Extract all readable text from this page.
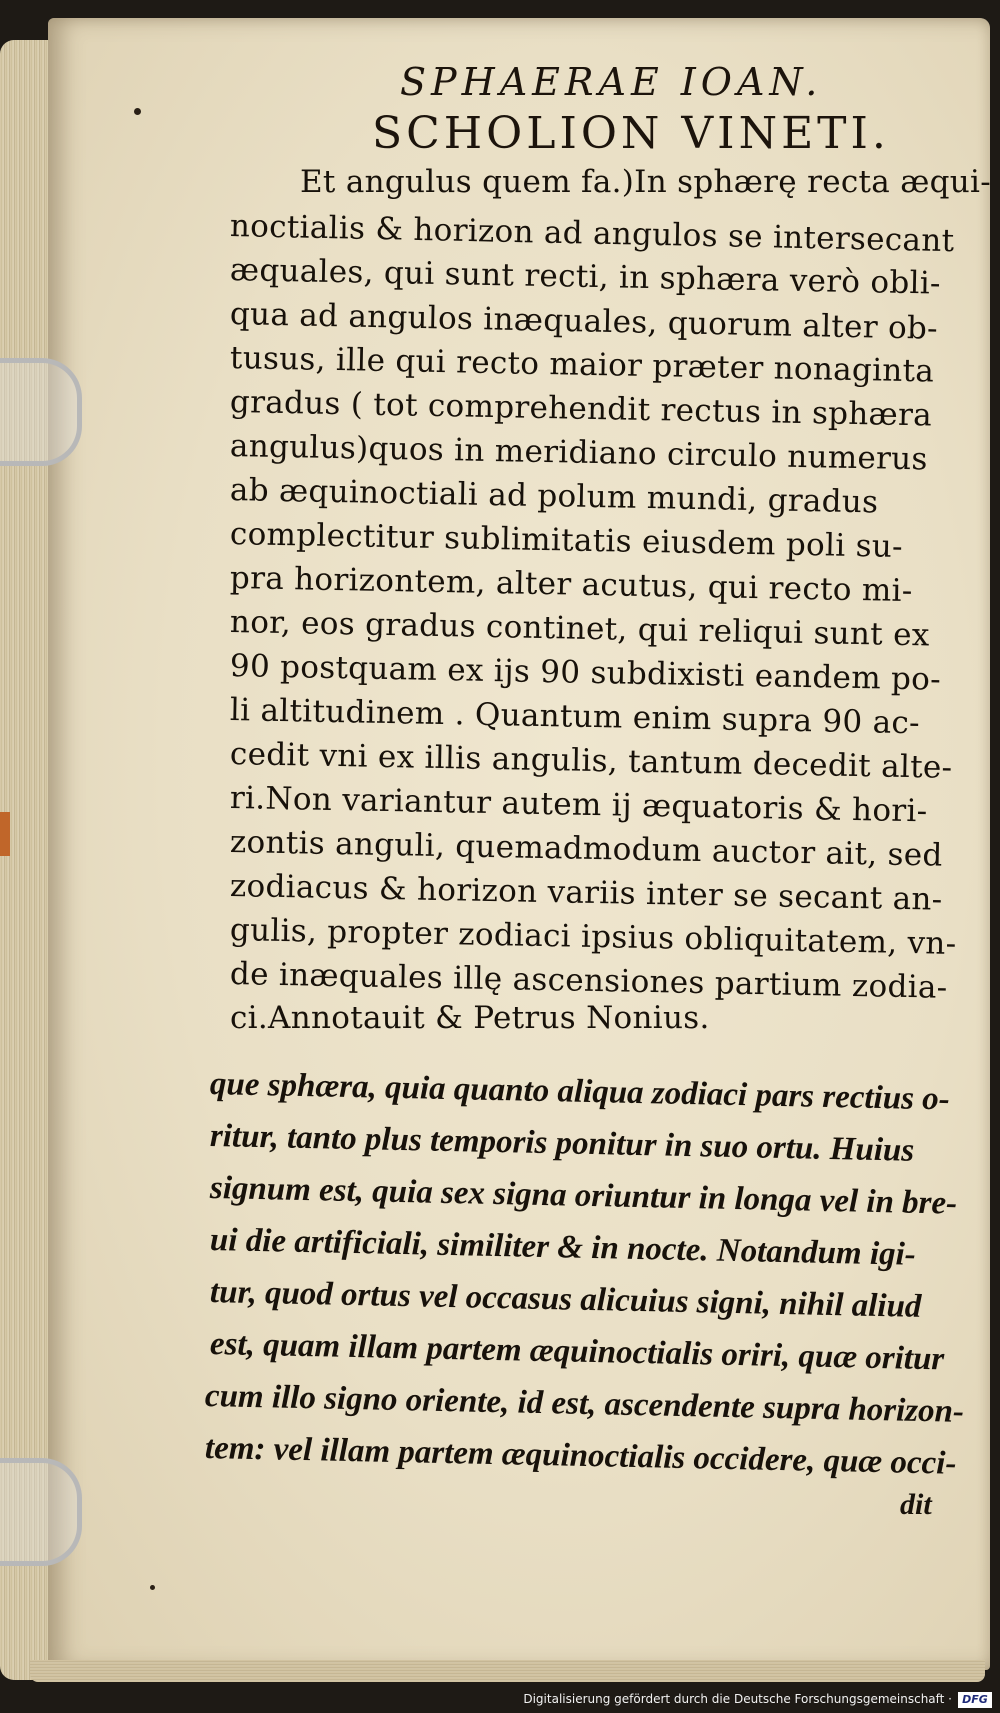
SPHAERAE IOAN.
SCHOLION VINETI.
Et angulus quem fa.)In sphærę recta æqui-
noctialis & horizon ad angulos se intersecant
æquales, qui sunt recti, in sphæra verò obli-
qua ad angulos inæquales, quorum alter ob-
tusus, ille qui recto maior præter nonaginta
gradus ( tot comprehendit rectus in sphæra
angulus)quos in meridiano circulo numerus
ab æquinoctiali ad polum mundi, gradus
complectitur sublimitatis eiusdem poli su-
pra horizontem, alter acutus, qui recto mi-
nor, eos gradus continet, qui reliqui sunt ex
90 postquam ex ijs 90 subdixisti eandem po-
li altitudinem . Quantum enim supra 90 ac-
cedit vni ex illis angulis, tantum decedit alte-
ri.Non variantur autem ij æquatoris & hori-
zontis anguli, quemadmodum auctor ait, sed
zodiacus & horizon variis inter se secant an-
gulis, propter zodiaci ipsius obliquitatem, vn-
de inæquales illę ascensiones partium zodia-
ci.Annotauit & Petrus Nonius.
que sphæra, quia quanto aliqua zodiaci pars rectius o-
ritur, tanto plus temporis ponitur in suo ortu. Huius
signum est, quia sex signa oriuntur in longa vel in bre-
ui die artificiali, similiter & in nocte. Notandum igi-
tur, quod ortus vel occasus alicuius signi, nihil aliud
est, quam illam partem æquinoctialis oriri, quæ oritur
cum illo signo oriente, id est, ascendente supra horizon-
tem: vel illam partem æquinoctialis occidere, quæ occi-
dit
Digitalisierung gefördert durch die Deutsche Forschungsgemeinschaft · DFG
